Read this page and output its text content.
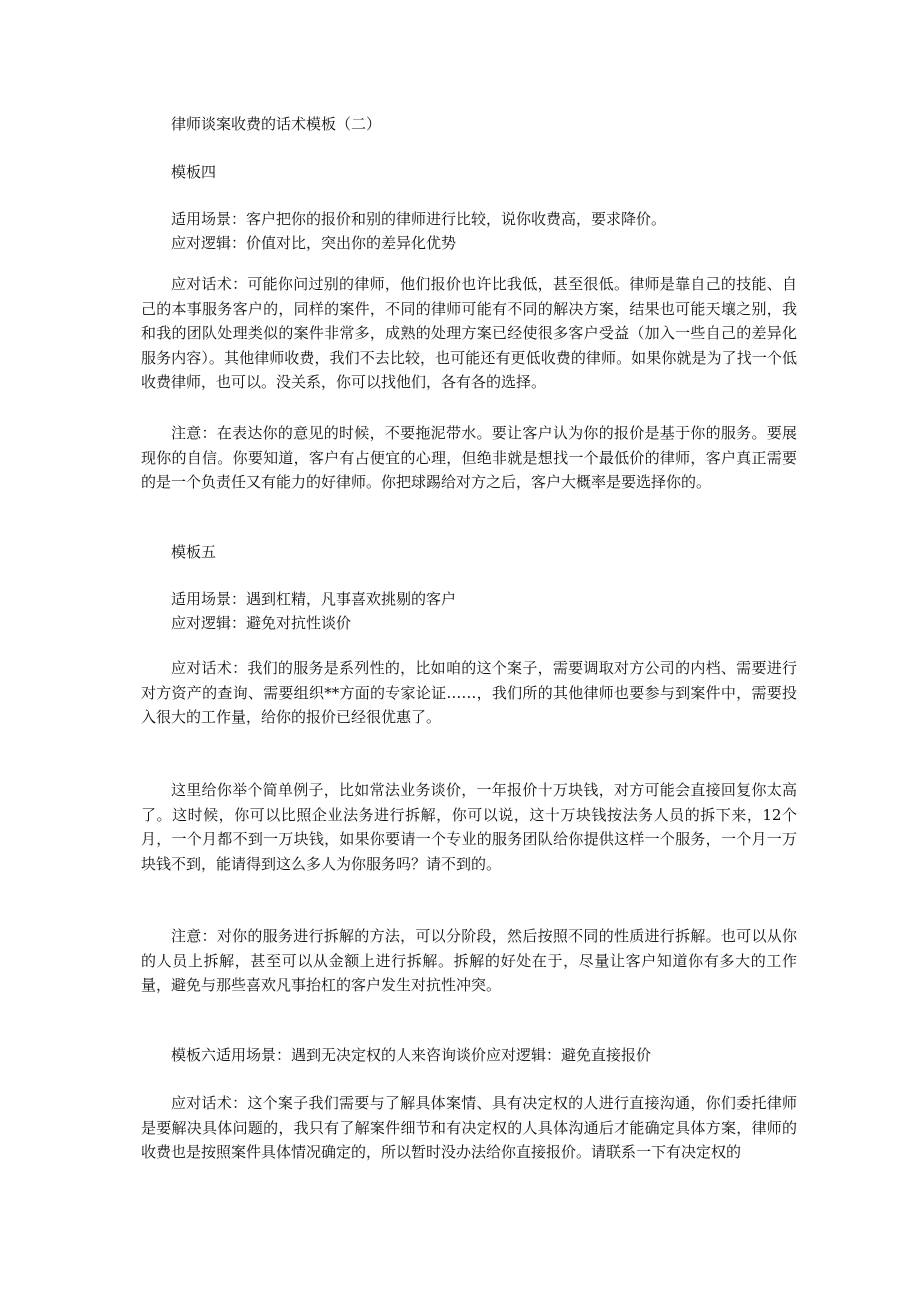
律师谈案收费的话术模板（二）
模板四
适用场景：客户把你的报价和别的律师进行比较，说你收费高，要求降价。
应对逻辑：价值对比，突出你的差异化优势

应对话术：可能你问过别的律师，他们报价也许比我低，甚至很低。律师是靠自己的技能、自己的本事服务客户的，同样的案件，不同的律师可能有不同的解决方案，结果也可能天壤之别，我和我的团队处理类似的案件非常多，成熟的处理方案已经使很多客户受益（加入一些自己的差异化服务内容）。其他律师收费，我们不去比较，也可能还有更低收费的律师。如果你就是为了找一个低收费律师，也可以。没关系，你可以找他们，各有各的选择。

注意：在表达你的意见的时候，不要拖泥带水。要让客户认为你的报价是基于你的服务。要展现你的自信。你要知道，客户有占便宜的心理，但绝非就是想找一个最低价的律师，客户真正需要的是一个负责任又有能力的好律师。你把球踢给对方之后，客户大概率是要选择你的。

模板五
适用场景：遇到杠精，凡事喜欢挑剔的客户
应对逻辑：避免对抗性谈价

应对话术：我们的服务是系列性的，比如咱的这个案子，需要调取对方公司的内档、需要进行对方资产的查询、需要组织**方面的专家论证……，我们所的其他律师也要参与到案件中，需要投入很大的工作量，给你的报价已经很优惠了。

这里给你举个简单例子，比如常法业务谈价，一年报价十万块钱，对方可能会直接回复你太高了。这时候，你可以比照企业法务进行拆解，你可以说，这十万块钱按法务人员的拆下来，12个月，一个月都不到一万块钱，如果你要请一个专业的服务团队给你提供这样一个服务，一个月一万块钱不到，能请得到这么多人为你服务吗？请不到的。

注意：对你的服务进行拆解的方法，可以分阶段，然后按照不同的性质进行拆解。也可以从你的人员上拆解，甚至可以从金额上进行拆解。拆解的好处在于，尽量让客户知道你有多大的工作量，避免与那些喜欢凡事抬杠的客户发生对抗性冲突。

模板六适用场景：遇到无决定权的人来咨询谈价应对逻辑：避免直接报价

应对话术：这个案子我们需要与了解具体案情、具有决定权的人进行直接沟通，你们委托律师是要解决具体问题的，我只有了解案件细节和有决定权的人具体沟通后才能确定具体方案，律师的收费也是按照案件具体情况确定的，所以暂时没办法给你直接报价。请联系一下有决定权的
